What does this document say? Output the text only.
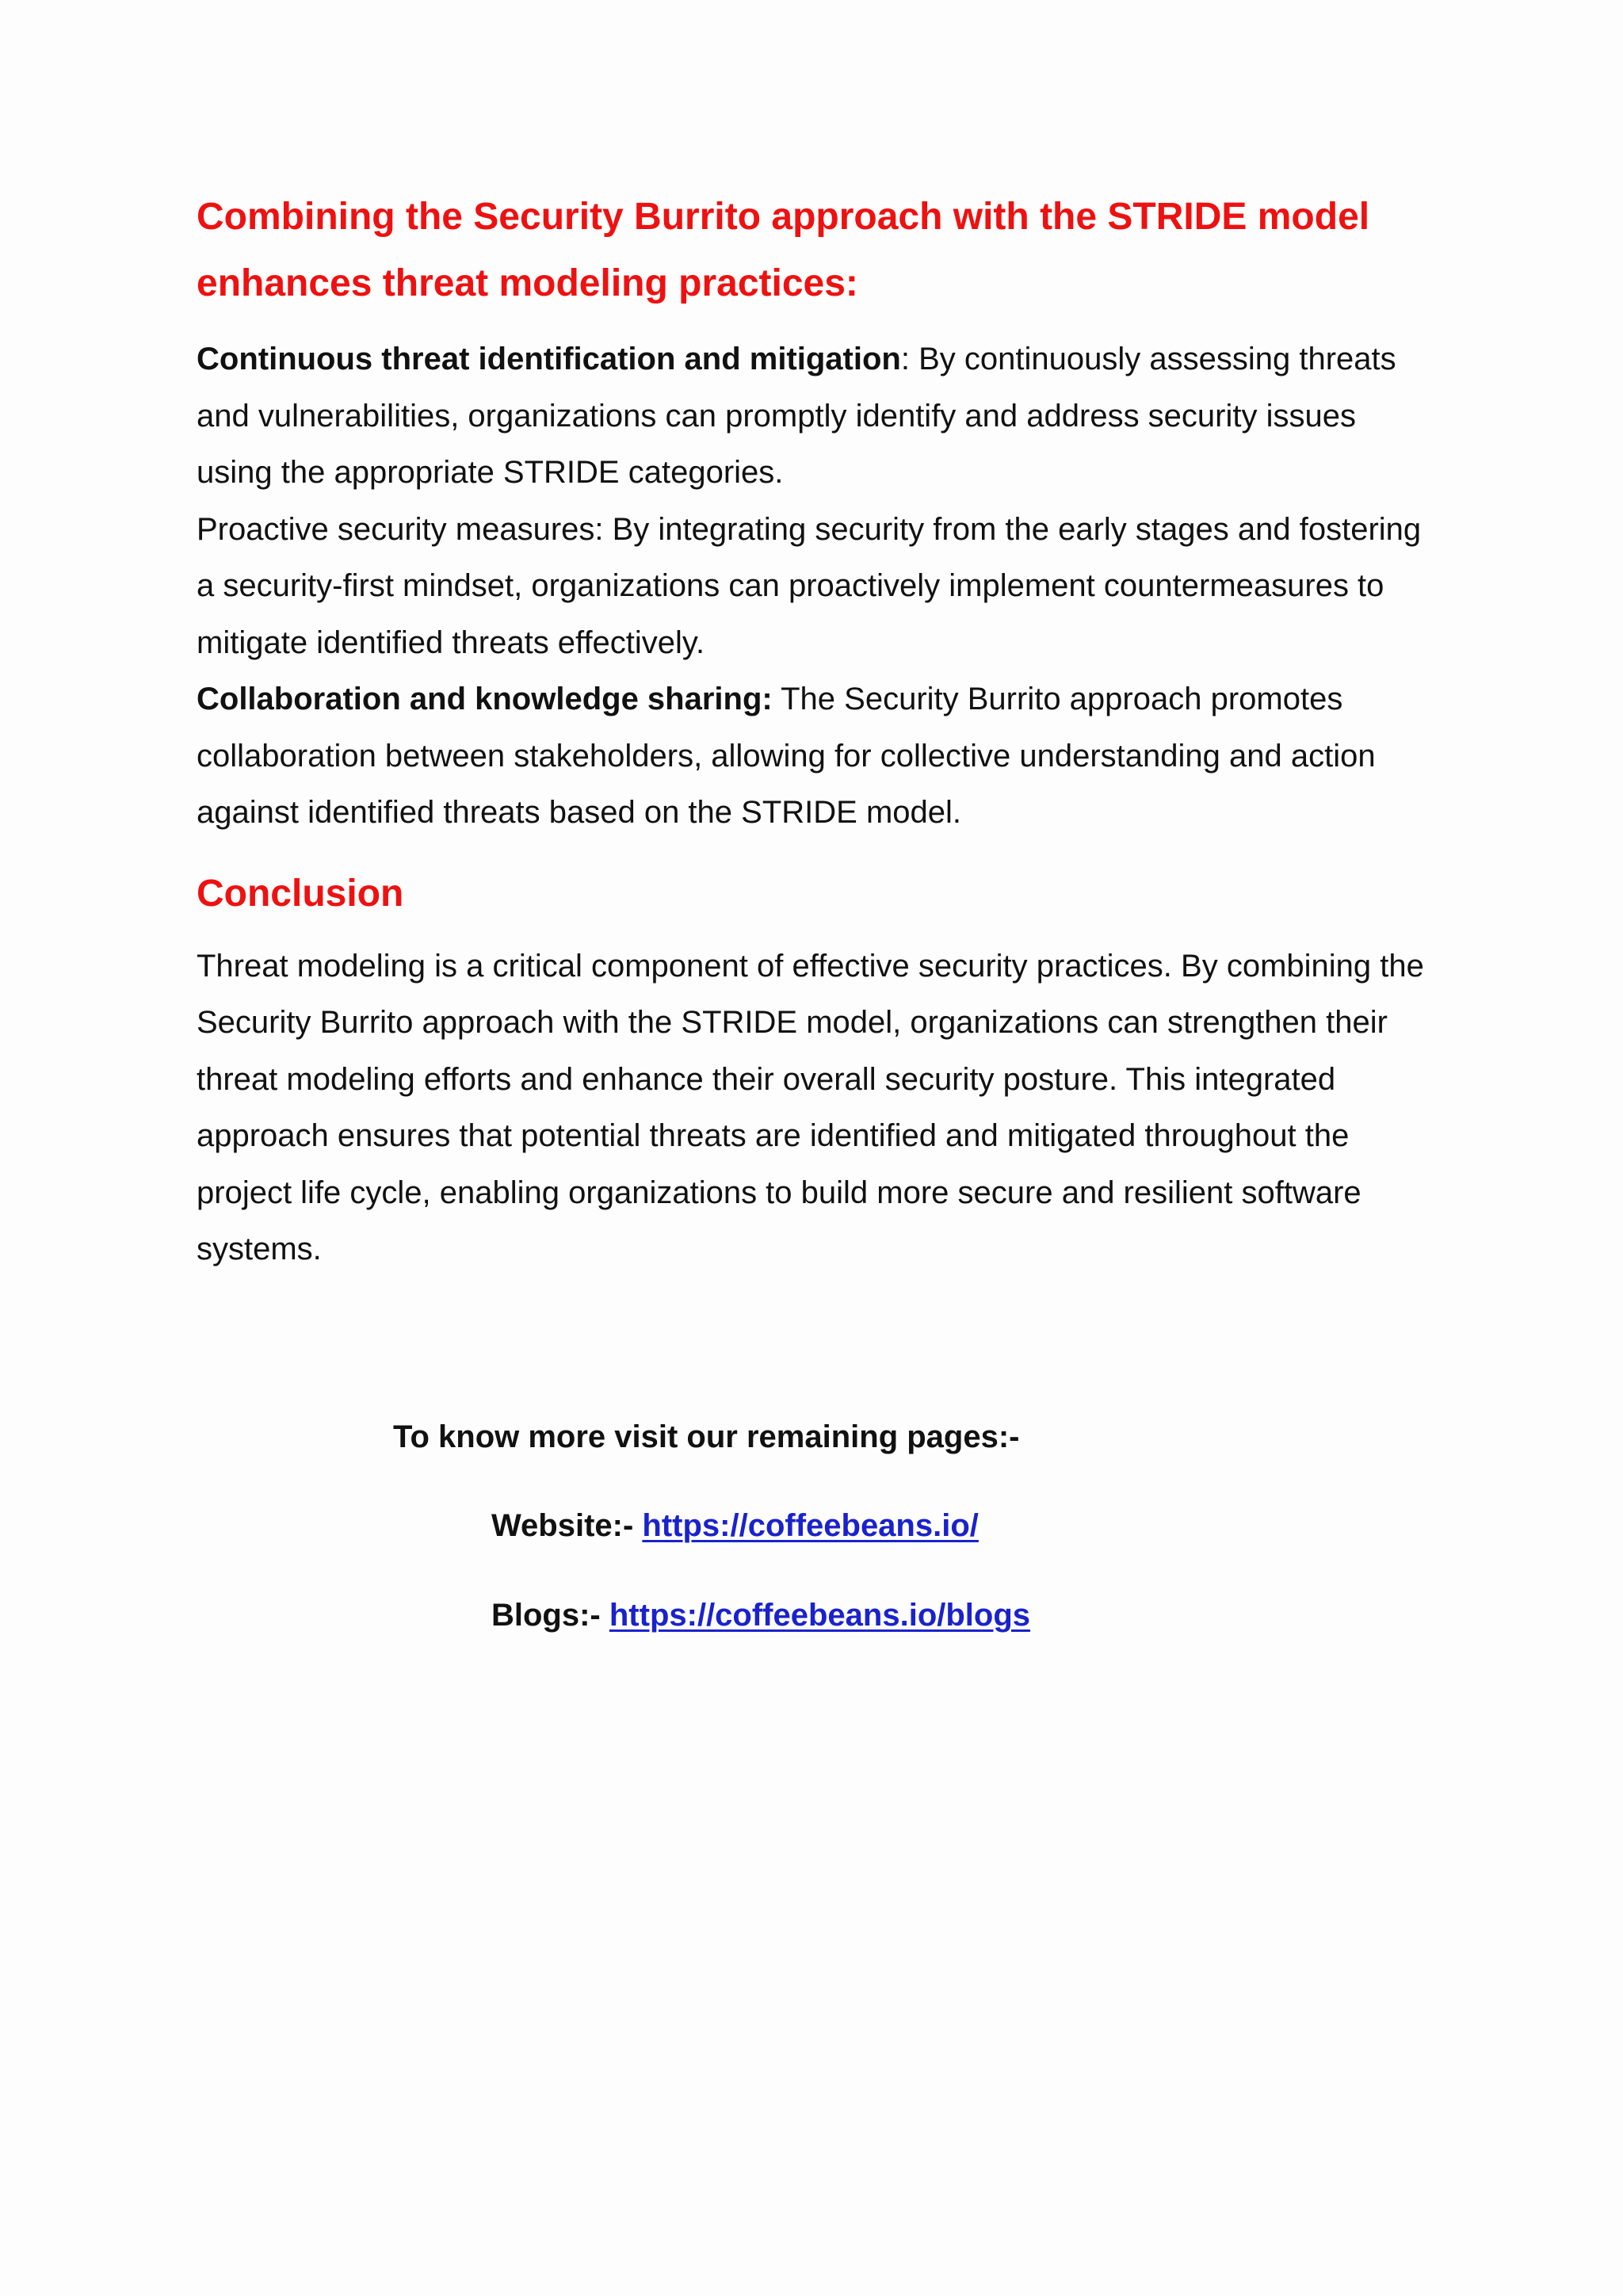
Combining the Security Burrito approach with the STRIDE model enhances threat modeling practices:

Continuous threat identification and mitigation: By continuously assessing threats and vulnerabilities, organizations can promptly identify and address security issues using the appropriate STRIDE categories.

Proactive security measures: By integrating security from the early stages and fostering a security-first mindset, organizations can proactively implement countermeasures to mitigate identified threats effectively.

Collaboration and knowledge sharing: The Security Burrito approach promotes collaboration between stakeholders, allowing for collective understanding and action against identified threats based on the STRIDE model.

Conclusion

Threat modeling is a critical component of effective security practices. By combining the Security Burrito approach with the STRIDE model, organizations can strengthen their threat modeling efforts and enhance their overall security posture. This integrated approach ensures that potential threats are identified and mitigated throughout the project life cycle, enabling organizations to build more secure and resilient software systems.

To know more visit our remaining pages:-
Website:- https://coffeebeans.io/
Blogs:- https://coffeebeans.io/blogs
